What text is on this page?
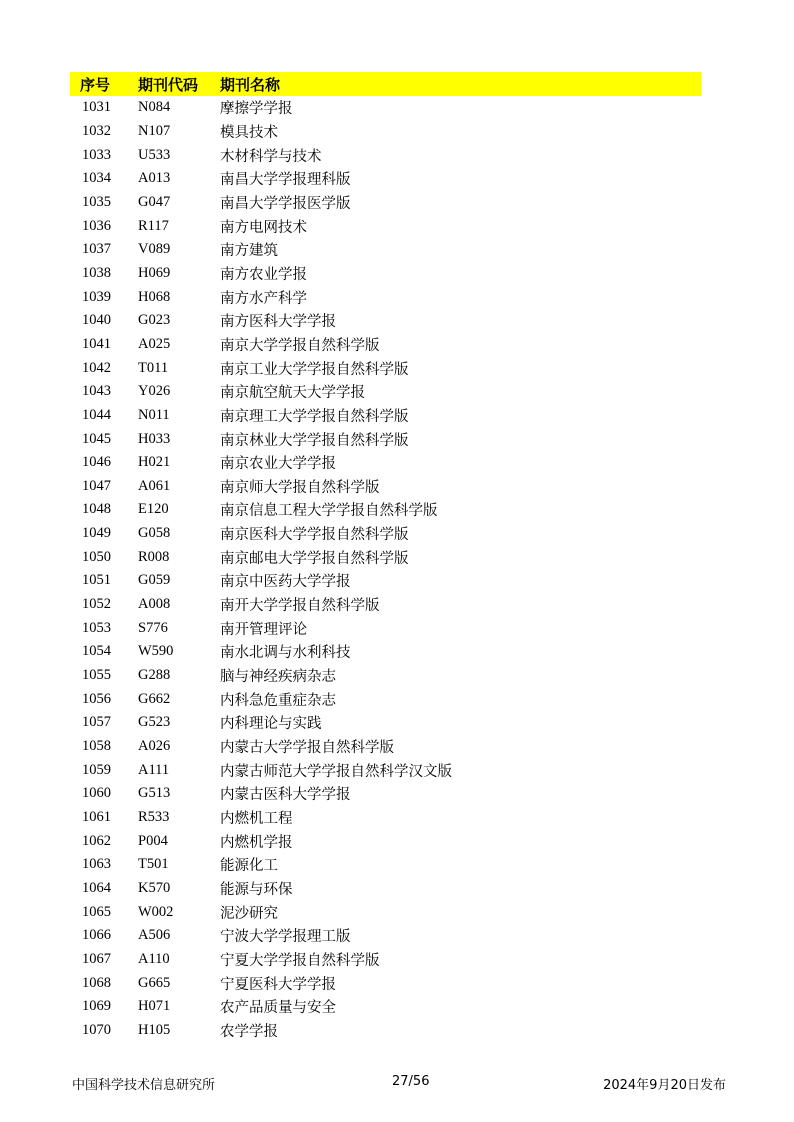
序号	期刊代码	期刊名称
1031	N084	摩擦学学报
1032	N107	模具技术
1033	U533	木材科学与技术
1034	A013	南昌大学学报理科版
1035	G047	南昌大学学报医学版
1036	R117	南方电网技术
1037	V089	南方建筑
1038	H069	南方农业学报
1039	H068	南方水产科学
1040	G023	南方医科大学学报
1041	A025	南京大学学报自然科学版
1042	T011	南京工业大学学报自然科学版
1043	Y026	南京航空航天大学学报
1044	N011	南京理工大学学报自然科学版
1045	H033	南京林业大学学报自然科学版
1046	H021	南京农业大学学报
1047	A061	南京师大学报自然科学版
1048	E120	南京信息工程大学学报自然科学版
1049	G058	南京医科大学学报自然科学版
1050	R008	南京邮电大学学报自然科学版
1051	G059	南京中医药大学学报
1052	A008	南开大学学报自然科学版
1053	S776	南开管理评论
1054	W590	南水北调与水利科技
1055	G288	脑与神经疾病杂志
1056	G662	内科急危重症杂志
1057	G523	内科理论与实践
1058	A026	内蒙古大学学报自然科学版
1059	A111	内蒙古师范大学学报自然科学汉文版
1060	G513	内蒙古医科大学学报
1061	R533	内燃机工程
1062	P004	内燃机学报
1063	T501	能源化工
1064	K570	能源与环保
1065	W002	泥沙研究
1066	A506	宁波大学学报理工版
1067	A110	宁夏大学学报自然科学版
1068	G665	宁夏医科大学学报
1069	H071	农产品质量与安全
1070	H105	农学学报
中国科学技术信息研究所	27/56	2024年9月20日发布
